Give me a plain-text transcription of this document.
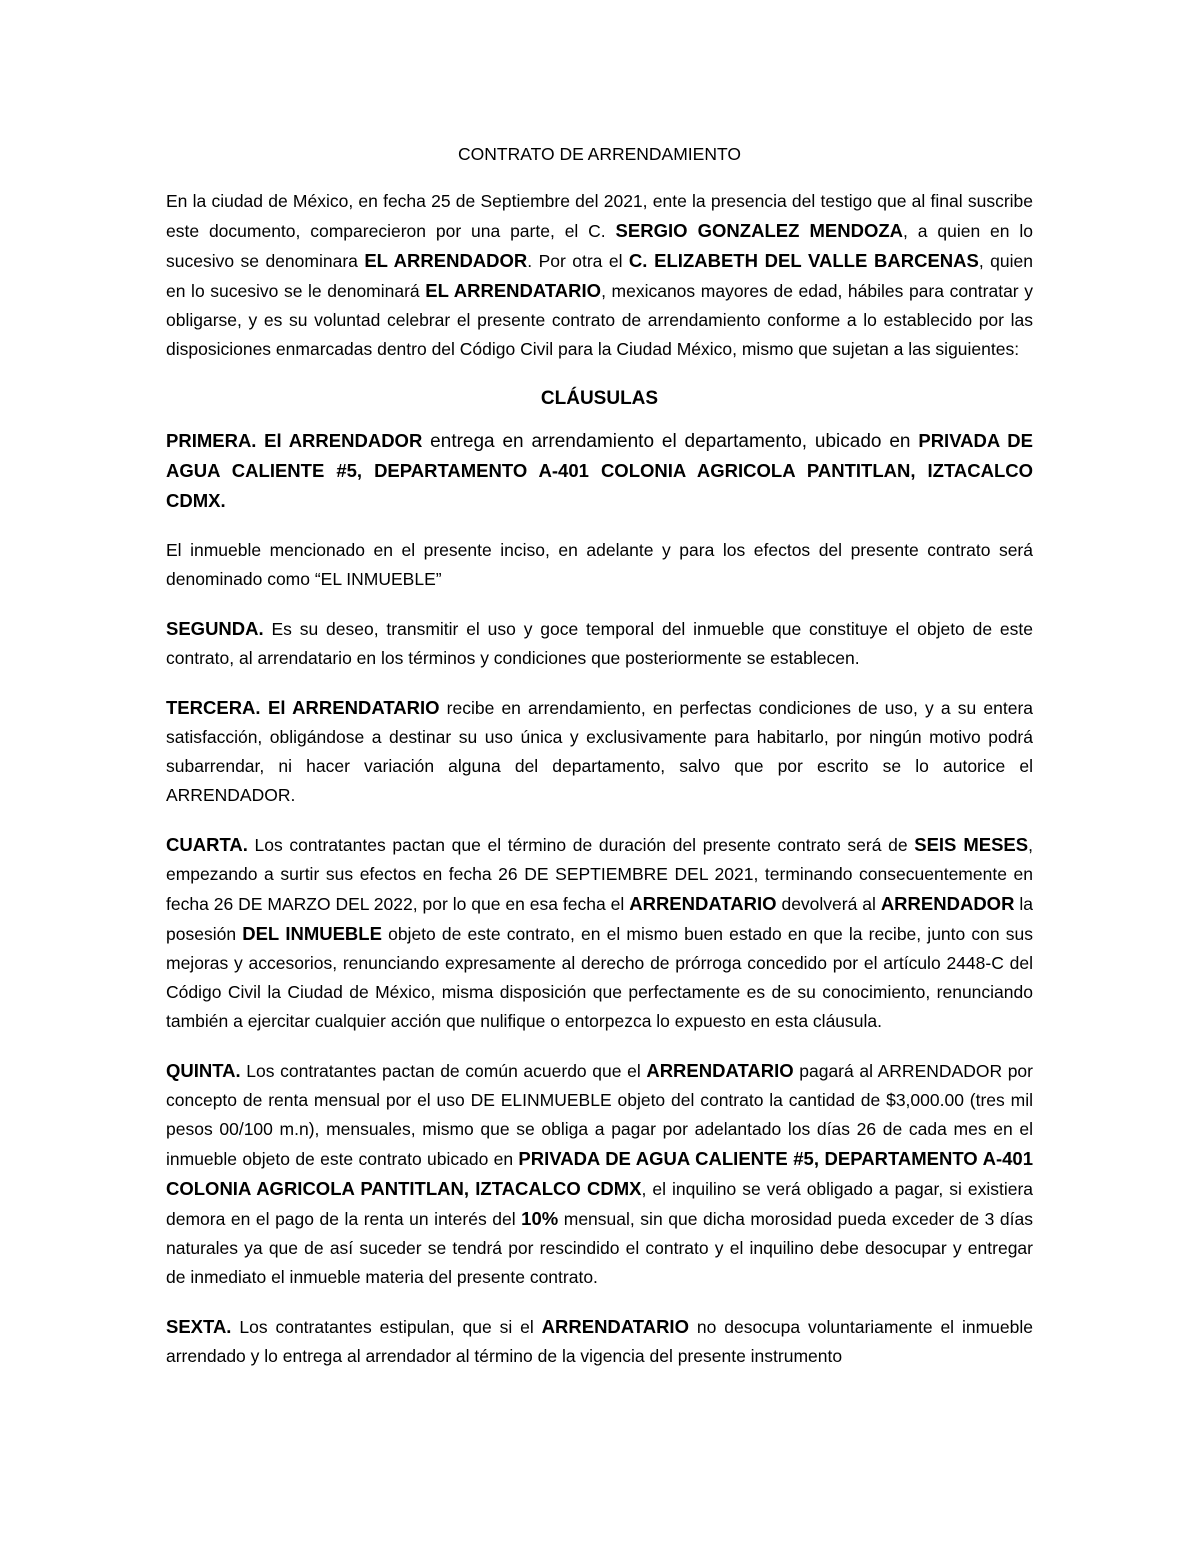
CONTRATO DE ARRENDAMIENTO

En la ciudad de México, en fecha 25 de Septiembre del 2021, ente la presencia del testigo que al final suscribe este documento, comparecieron por una parte, el C. SERGIO GONZALEZ MENDOZA, a quien en lo sucesivo se denominara EL ARRENDADOR. Por otra el C. ELIZABETH DEL VALLE BARCENAS, quien en lo sucesivo se le denominará EL ARRENDATARIO, mexicanos mayores de edad, hábiles para contratar y obligarse, y es su voluntad celebrar el presente contrato de arrendamiento conforme a lo establecido por las disposiciones enmarcadas dentro del Código Civil para la Ciudad México, mismo que sujetan a las siguientes:

CLÁUSULAS

PRIMERA. El ARRENDADOR entrega en arrendamiento el departamento, ubicado en PRIVADA DE AGUA CALIENTE #5, DEPARTAMENTO A-401 COLONIA AGRICOLA PANTITLAN, IZTACALCO CDMX.

El inmueble mencionado en el presente inciso, en adelante y para los efectos del presente contrato será denominado como “EL INMUEBLE”

SEGUNDA. Es su deseo, transmitir el uso y goce temporal del inmueble que constituye el objeto de este contrato, al arrendatario en los términos y condiciones que posteriormente se establecen.

TERCERA. El ARRENDATARIO recibe en arrendamiento, en perfectas condiciones de uso, y a su entera satisfacción, obligándose a destinar su uso única y exclusivamente para habitarlo, por ningún motivo podrá subarrendar, ni hacer variación alguna del departamento, salvo que por escrito se lo autorice el ARRENDADOR.

CUARTA. Los contratantes pactan que el término de duración del presente contrato será de SEIS MESES, empezando a surtir sus efectos en fecha 26 DE SEPTIEMBRE DEL 2021, terminando consecuentemente en fecha 26 DE MARZO DEL 2022, por lo que en esa fecha el ARRENDATARIO devolverá al ARRENDADOR la posesión DEL INMUEBLE objeto de este contrato, en el mismo buen estado en que la recibe, junto con sus mejoras y accesorios, renunciando expresamente al derecho de prórroga concedido por el artículo 2448-C del Código Civil la Ciudad de México, misma disposición que perfectamente es de su conocimiento, renunciando también a ejercitar cualquier acción que nulifique o entorpezca lo expuesto en esta cláusula.

QUINTA. Los contratantes pactan de común acuerdo que el ARRENDATARIO pagará al ARRENDADOR por concepto de renta mensual por el uso DE ELINMUEBLE objeto del contrato la cantidad de $3,000.00 (tres mil pesos 00/100 m.n), mensuales, mismo que se obliga a pagar por adelantado los días 26 de cada mes en el inmueble objeto de este contrato ubicado en PRIVADA DE AGUA CALIENTE #5, DEPARTAMENTO A-401 COLONIA AGRICOLA PANTITLAN, IZTACALCO CDMX, el inquilino se verá obligado a pagar, si existiera demora en el pago de la renta un interés del 10% mensual, sin que dicha morosidad pueda exceder de 3 días naturales ya que de así suceder se tendrá por rescindido el contrato y el inquilino debe desocupar y entregar de inmediato el inmueble materia del presente contrato.

SEXTA. Los contratantes estipulan, que si el ARRENDATARIO no desocupa voluntariamente el inmueble arrendado y lo entrega al arrendador al término de la vigencia del presente instrumento
